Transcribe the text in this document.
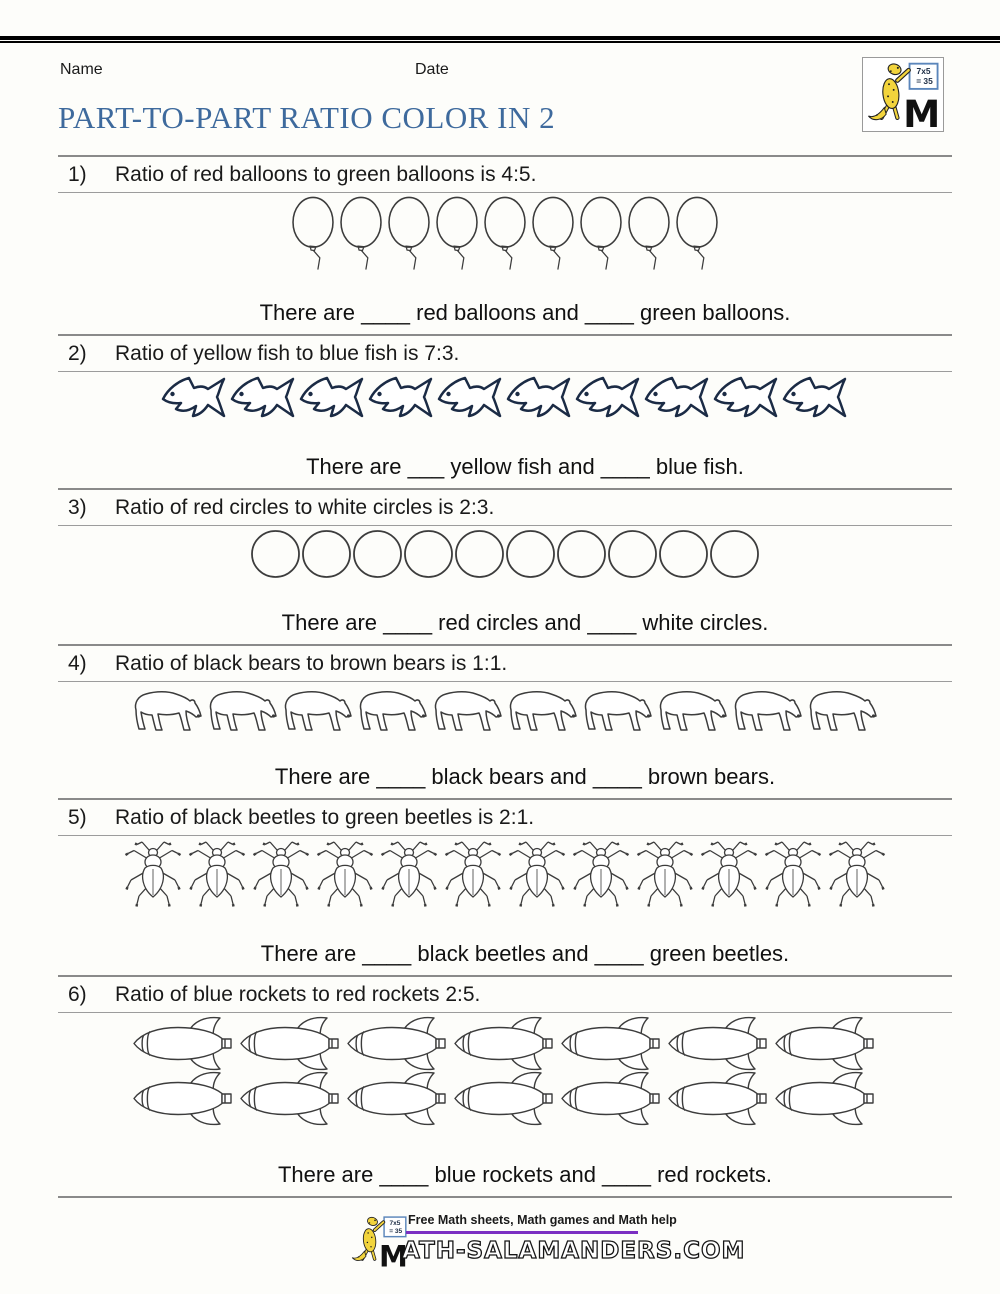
Name	Date
PART-TO-PART RATIO COLOR IN 2
1)	Ratio of red balloons to green balloons is 4:5.
There are ____ red balloons and ____ green balloons.
2)	Ratio of yellow fish to blue fish is 7:3.
There are ___ yellow fish and ____ blue fish.
3)	Ratio of red circles to white circles is 2:3.
There are ____ red circles and ____ white circles.
4)	Ratio of black bears to brown bears is 1:1.
There are ____ black bears and ____ brown bears.
5)	Ratio of black beetles to green beetles is 2:1.
There are ____ black beetles and ____ green beetles.
6)	Ratio of blue rockets to red rockets 2:5.
There are ____ blue rockets and ____ red rockets.
Free Math sheets, Math games and Math help
ATH-SALAMANDERS.COM
